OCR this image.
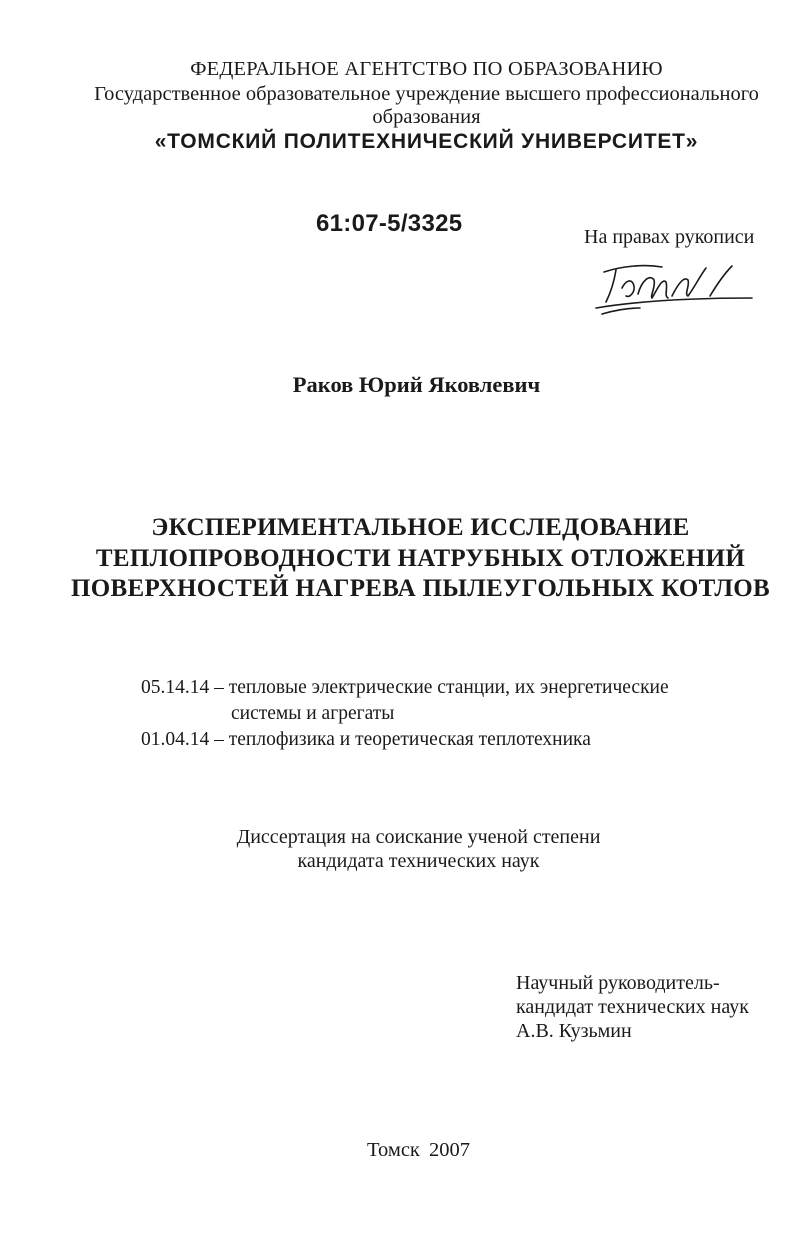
ФЕДЕРАЛЬНОЕ АГЕНТСТВО ПО ОБРАЗОВАНИЮ
Государственное образовательное учреждение высшего профессионального
образования
«ТОМСКИЙ ПОЛИТЕХНИЧЕСКИЙ УНИВЕРСИТЕТ»
61:07-5/3325	На правах рукописи
Раков Юрий Яковлевич
ЭКСПЕРИМЕНТАЛЬНОЕ ИССЛЕДОВАНИЕ
ТЕПЛОПРОВОДНОСТИ НАТРУБНЫХ ОТЛОЖЕНИЙ
ПОВЕРХНОСТЕЙ НАГРЕВА ПЫЛЕУГОЛЬНЫХ КОТЛОВ
05.14.14 – тепловые электрические станции, их энергетические
системы и агрегаты
01.04.14 – теплофизика и теоретическая теплотехника
Диссертация на соискание ученой степени
кандидата технических наук
Научный руководитель-
кандидат технических наук
А.В. Кузьмин
Томск 2007
